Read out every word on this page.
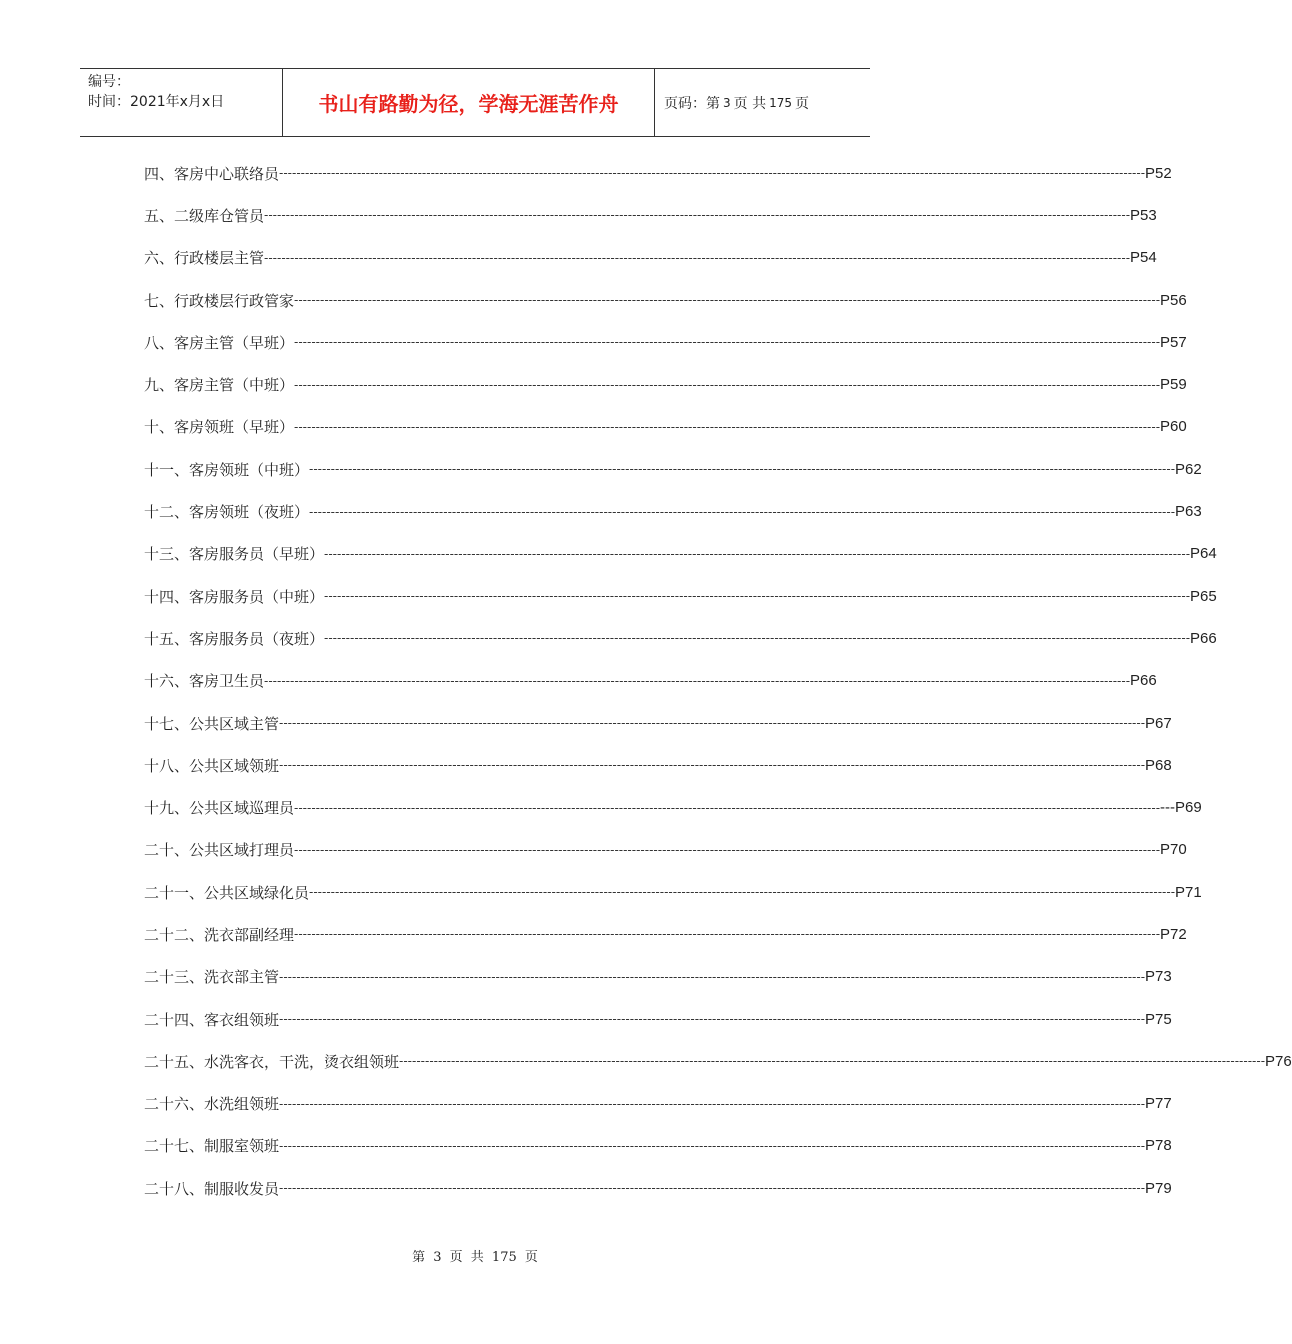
编号：
时间：2021年x月x日	书山有路勤为径，学海无涯苦作舟	页码：第 3 页 共 175 页
四、客房中心联络员 -------------------------------------------------------------------------------------------------------------------------------------------------------------------------------------------------------- P52
五、二级库仓管员 -------------------------------------------------------------------------------------------------------------------------------------------------------------------------------------------------------- P53
六、行政楼层主管 -------------------------------------------------------------------------------------------------------------------------------------------------------------------------------------------------------- P54
七、行政楼层行政管家 -------------------------------------------------------------------------------------------------------------------------------------------------------------------------------------------------------- P56
八、客房主管（早班） -------------------------------------------------------------------------------------------------------------------------------------------------------------------------------------------------------- P57
九、客房主管（中班） -------------------------------------------------------------------------------------------------------------------------------------------------------------------------------------------------------- P59
十、客房领班（早班） -------------------------------------------------------------------------------------------------------------------------------------------------------------------------------------------------------- P60
十一、客房领班（中班） -------------------------------------------------------------------------------------------------------------------------------------------------------------------------------------------------------- P62
十二、客房领班（夜班） -------------------------------------------------------------------------------------------------------------------------------------------------------------------------------------------------------- P63
十三、客房服务员（早班） -------------------------------------------------------------------------------------------------------------------------------------------------------------------------------------------------------- P64
十四、客房服务员（中班） -------------------------------------------------------------------------------------------------------------------------------------------------------------------------------------------------------- P65
十五、客房服务员（夜班） -------------------------------------------------------------------------------------------------------------------------------------------------------------------------------------------------------- P66
十六、客房卫生员 -------------------------------------------------------------------------------------------------------------------------------------------------------------------------------------------------------- P66
十七、公共区域主管 -------------------------------------------------------------------------------------------------------------------------------------------------------------------------------------------------------- P67
十八、公共区域领班 -------------------------------------------------------------------------------------------------------------------------------------------------------------------------------------------------------- P68
十九、公共区域巡理员 -------------------------------------------------------------------------------------------------------------------------------------------------------------------------------------------------------- ---P69
二十、公共区域打理员 -------------------------------------------------------------------------------------------------------------------------------------------------------------------------------------------------------- P70
二十一、公共区域绿化员 -------------------------------------------------------------------------------------------------------------------------------------------------------------------------------------------------------- P71
二十二、洗衣部副经理 -------------------------------------------------------------------------------------------------------------------------------------------------------------------------------------------------------- P72
二十三、洗衣部主管 -------------------------------------------------------------------------------------------------------------------------------------------------------------------------------------------------------- P73
二十四、客衣组领班 -------------------------------------------------------------------------------------------------------------------------------------------------------------------------------------------------------- P75
二十五、水洗客衣，干洗，烫衣组领班 -------------------------------------------------------------------------------------------------------------------------------------------------------------------------------------------------------- P76
二十六、水洗组领班 -------------------------------------------------------------------------------------------------------------------------------------------------------------------------------------------------------- P77
二十七、制服室领班 -------------------------------------------------------------------------------------------------------------------------------------------------------------------------------------------------------- P78
二十八、制服收发员 -------------------------------------------------------------------------------------------------------------------------------------------------------------------------------------------------------- P79
第 3 页 共 175 页
